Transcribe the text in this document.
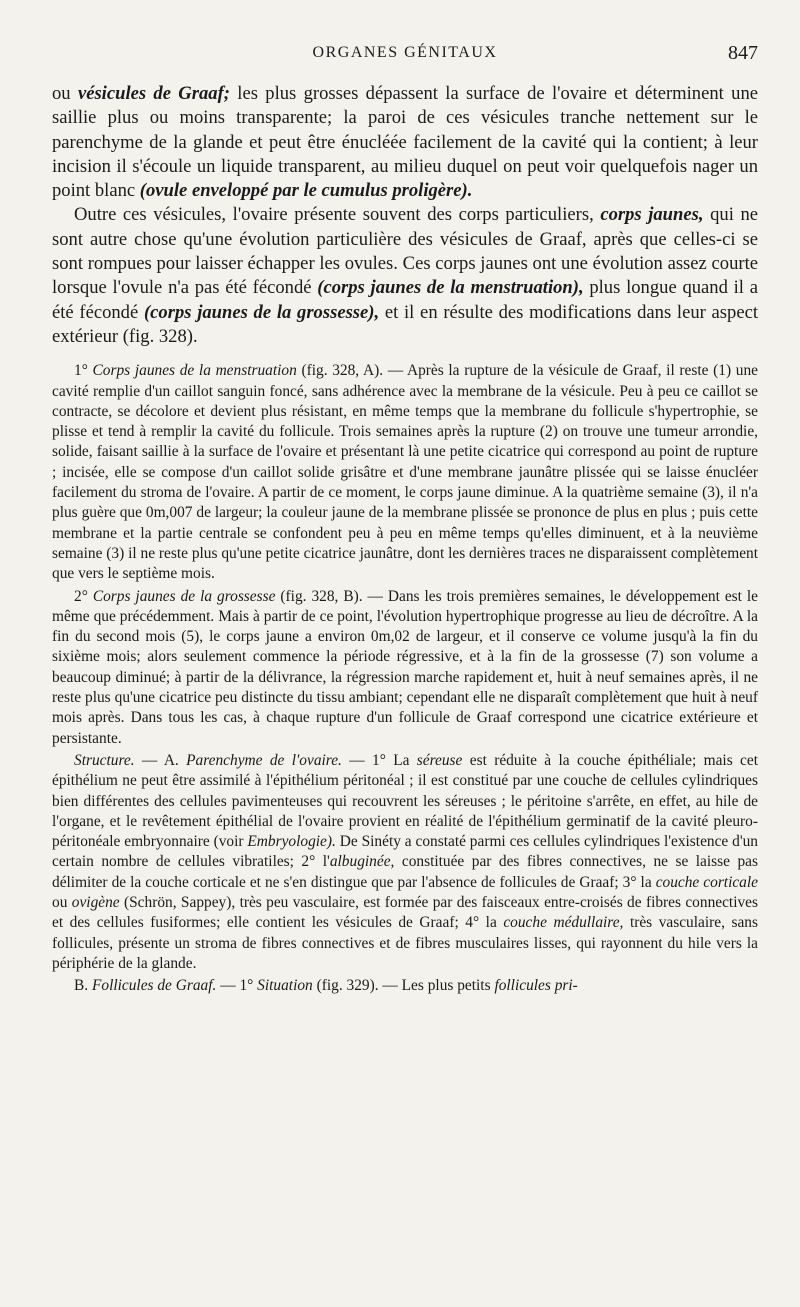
ORGANES GÉNITAUX	847

ou vésicules de Graaf; les plus grosses dépassent la surface de l'ovaire et déterminent une saillie plus ou moins transparente; la paroi de ces vésicules tranche nettement sur le parenchyme de la glande et peut être énucléée facilement de la cavité qui la contient; à leur incision il s'écoule un liquide transparent, au milieu duquel on peut voir quelquefois nager un point blanc (ovule enveloppé par le cumulus proligère).

Outre ces vésicules, l'ovaire présente souvent des corps particuliers, corps jaunes, qui ne sont autre chose qu'une évolution particulière des vésicules de Graaf, après que celles-ci se sont rompues pour laisser échapper les ovules. Ces corps jaunes ont une évolution assez courte lorsque l'ovule n'a pas été fécondé (corps jaunes de la menstruation), plus longue quand il a été fécondé (corps jaunes de la grossesse), et il en résulte des modifications dans leur aspect extérieur (fig. 328).

1° Corps jaunes de la menstruation (fig. 328, A). — Après la rupture de la vésicule de Graaf, il reste (1) une cavité remplie d'un caillot sanguin foncé, sans adhérence avec la membrane de la vésicule. Peu à peu ce caillot se contracte, se décolore et devient plus résistant, en même temps que la membrane du follicule s'hypertrophie, se plisse et tend à remplir la cavité du follicule. Trois semaines après la rupture (2) on trouve une tumeur arrondie, solide, faisant saillie à la surface de l'ovaire et présentant là une petite cicatrice qui correspond au point de rupture ; incisée, elle se compose d'un caillot solide grisâtre et d'une membrane jaunâtre plissée qui se laisse énucléer facilement du stroma de l'ovaire. A partir de ce moment, le corps jaune diminue. A la quatrième semaine (3), il n'a plus guère que 0m,007 de largeur; la couleur jaune de la membrane plissée se prononce de plus en plus ; puis cette membrane et la partie centrale se confondent peu à peu en même temps qu'elles diminuent, et à la neuvième semaine (3) il ne reste plus qu'une petite cicatrice jaunâtre, dont les dernières traces ne disparaissent complètement que vers le septième mois.

2° Corps jaunes de la grossesse (fig. 328, B). — Dans les trois premières semaines, le développement est le même que précédemment. Mais à partir de ce point, l'évolution hypertrophique progresse au lieu de décroître. A la fin du second mois (5), le corps jaune a environ 0m,02 de largeur, et il conserve ce volume jusqu'à la fin du sixième mois; alors seulement commence la période régressive, et à la fin de la grossesse (7) son volume a beaucoup diminué; à partir de la délivrance, la régression marche rapidement et, huit à neuf semaines après, il ne reste plus qu'une cicatrice peu distincte du tissu ambiant; cependant elle ne disparaît complètement que huit à neuf mois après. Dans tous les cas, à chaque rupture d'un follicule de Graaf correspond une cicatrice extérieure et persistante.

Structure. — A. Parenchyme de l'ovaire. — 1° La séreuse est réduite à la couche épithéliale; mais cet épithélium ne peut être assimilé à l'épithélium péritonéal ; il est constitué par une couche de cellules cylindriques bien différentes des cellules pavimenteuses qui recouvrent les séreuses ; le péritoine s'arrête, en effet, au hile de l'organe, et le revêtement épithélial de l'ovaire provient en réalité de l'épithélium germinatif de la cavité pleuro-péritonéale embryonnaire (voir Embryologie). De Sinéty a constaté parmi ces cellules cylindriques l'existence d'un certain nombre de cellules vibratiles; 2° l'albuginée, constituée par des fibres connectives, ne se laisse pas délimiter de la couche corticale et ne s'en distingue que par l'absence de follicules de Graaf; 3° la couche corticale ou ovigène (Schrön, Sappey), très peu vasculaire, est formée par des faisceaux entre-croisés de fibres connectives et des cellules fusiformes; elle contient les vésicules de Graaf; 4° la couche médullaire, très vasculaire, sans follicules, présente un stroma de fibres connectives et de fibres musculaires lisses, qui rayonnent du hile vers la périphérie de la glande.

B. Follicules de Graaf. — 1° Situation (fig. 329). — Les plus petits follicules pri-
